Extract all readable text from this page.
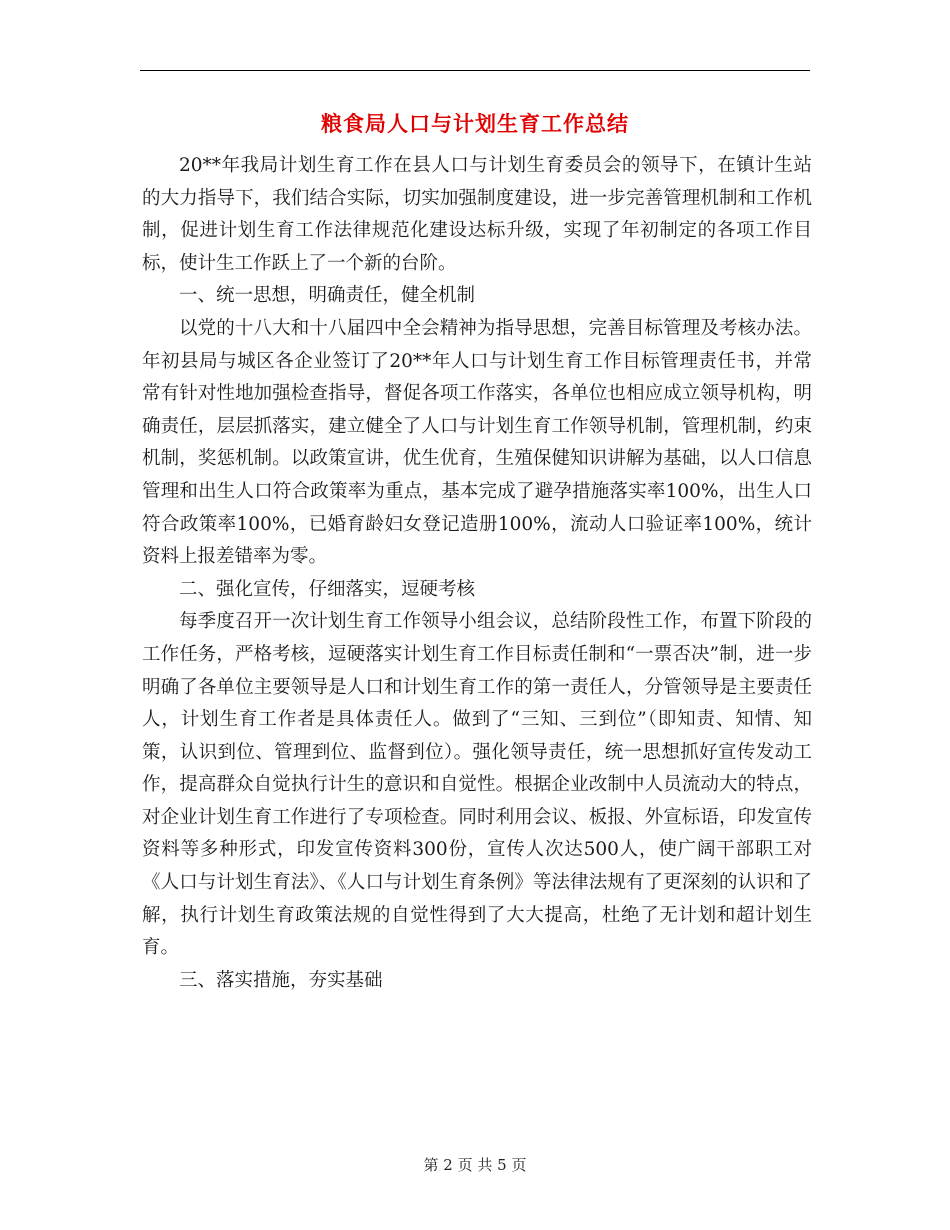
粮食局人口与计划生育工作总结

20**年我局计划生育工作在县人口与计划生育委员会的领导下，在镇计生站的大力指导下，我们结合实际，切实加强制度建设，进一步完善管理机制和工作机制，促进计划生育工作法律规范化建设达标升级，实现了年初制定的各项工作目标，使计生工作跃上了一个新的台阶。

一、统一思想，明确责任，健全机制

以党的十八大和十八届四中全会精神为指导思想，完善目标管理及考核办法。年初县局与城区各企业签订了20**年人口与计划生育工作目标管理责任书，并常常有针对性地加强检查指导，督促各项工作落实，各单位也相应成立领导机构，明确责任，层层抓落实，建立健全了人口与计划生育工作领导机制，管理机制，约束机制，奖惩机制。以政策宣讲，优生优育，生殖保健知识讲解为基础，以人口信息管理和出生人口符合政策率为重点，基本完成了避孕措施落实率100%，出生人口符合政策率100%，已婚育龄妇女登记造册100%，流动人口验证率100%，统计资料上报差错率为零。

二、强化宣传，仔细落实，逗硬考核

每季度召开一次计划生育工作领导小组会议，总结阶段性工作，布置下阶段的工作任务，严格考核，逗硬落实计划生育工作目标责任制和“一票否决”制，进一步明确了各单位主要领导是人口和计划生育工作的第一责任人，分管领导是主要责任人，计划生育工作者是具体责任人。做到了“三知、三到位”（即知责、知情、知策，认识到位、管理到位、监督到位）。强化领导责任，统一思想抓好宣传发动工作，提高群众自觉执行计生的意识和自觉性。根据企业改制中人员流动大的特点，对企业计划生育工作进行了专项检查。同时利用会议、板报、外宣标语，印发宣传资料等多种形式，印发宣传资料300份，宣传人次达500人，使广阔干部职工对《人口与计划生育法》、《人口与计划生育条例》等法律法规有了更深刻的认识和了解，执行计划生育政策法规的自觉性得到了大大提高，杜绝了无计划和超计划生育。

三、落实措施，夯实基础

第 2 页 共 5 页
